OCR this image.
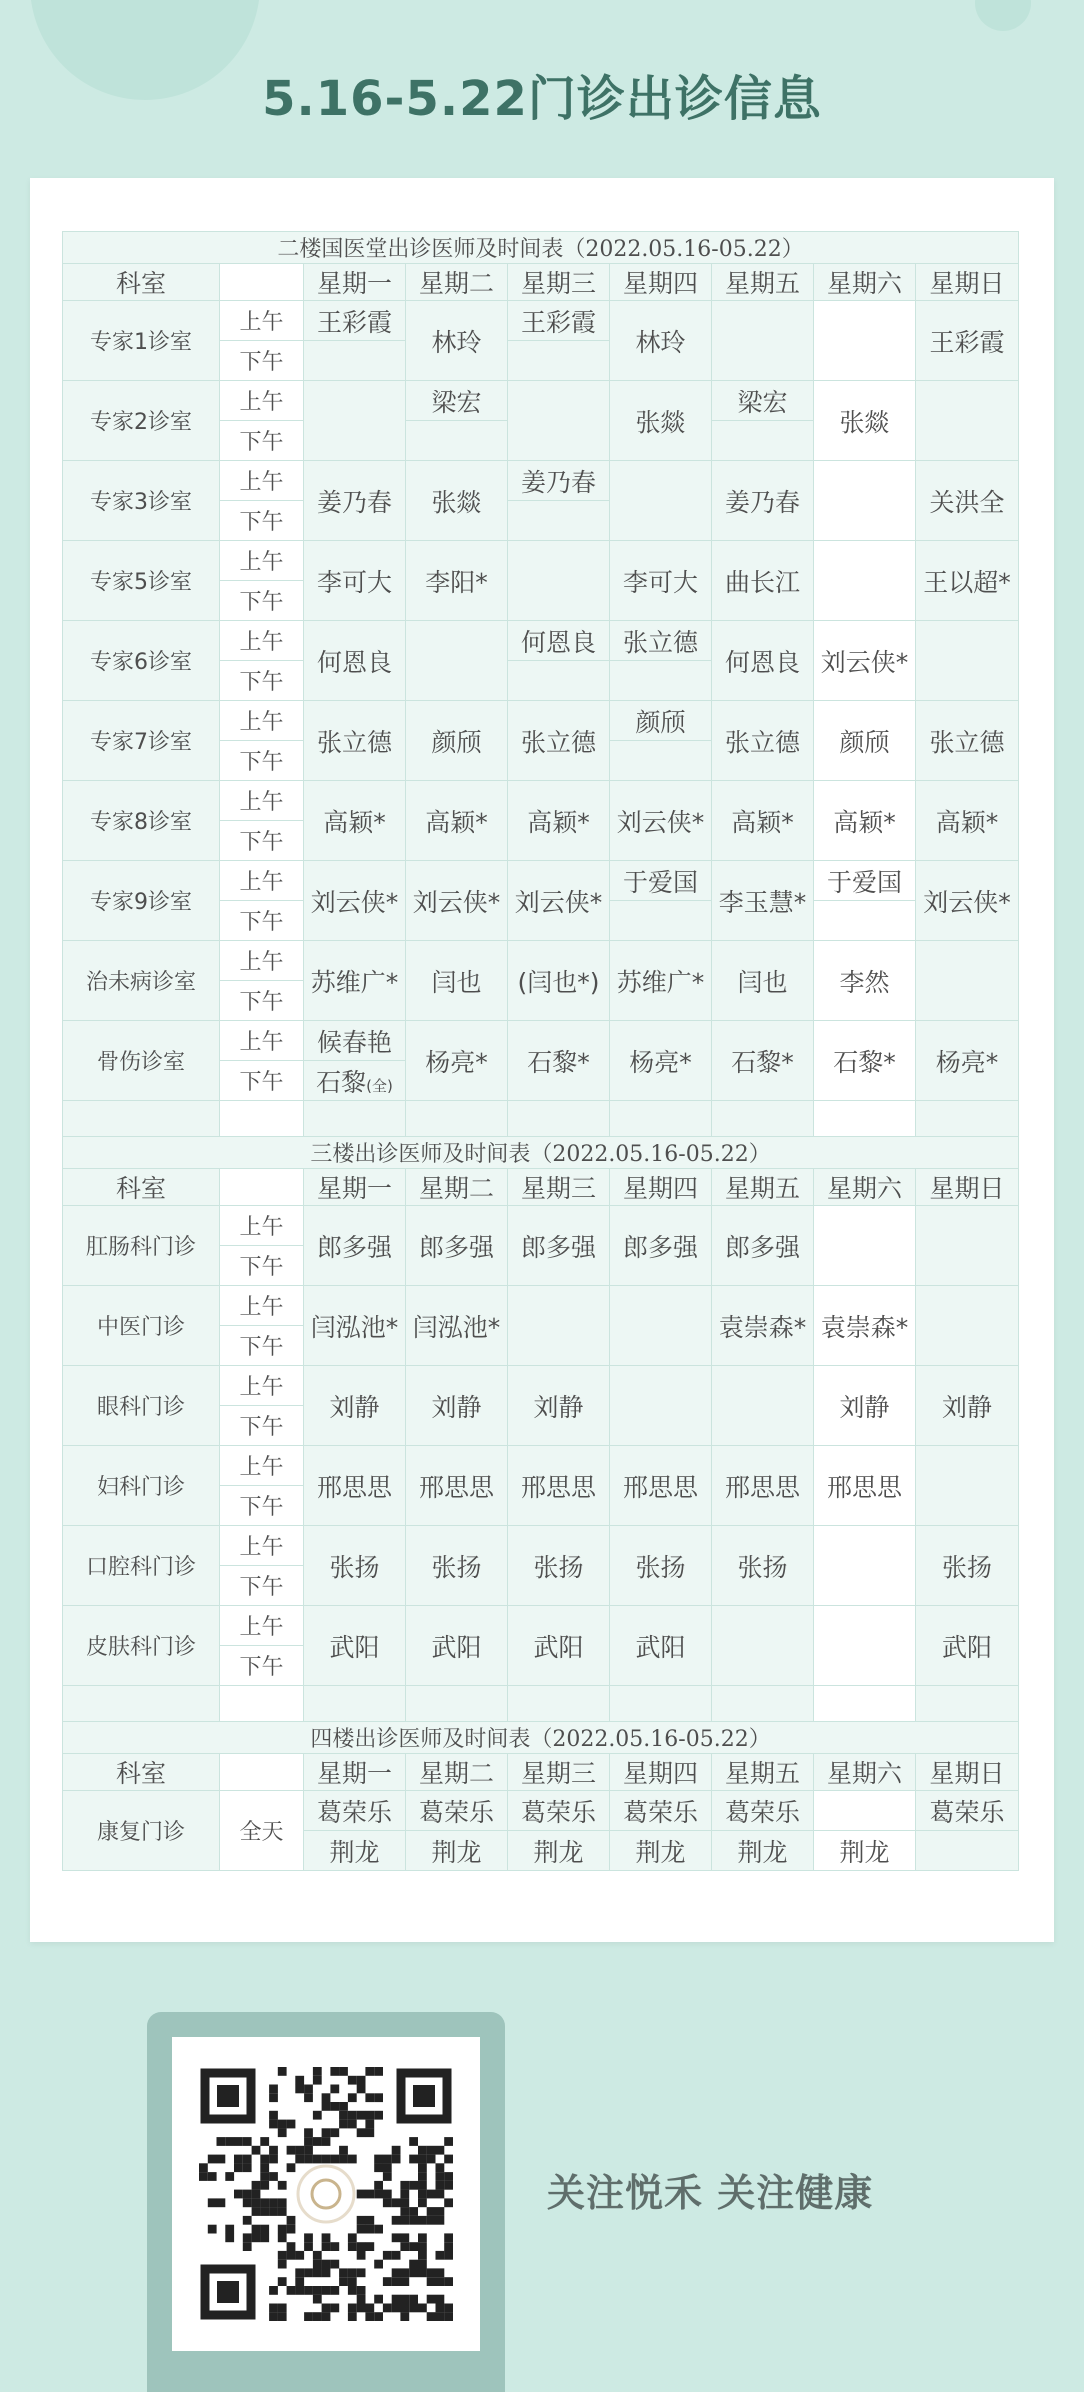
5.16-5.22门诊出诊信息
二楼国医堂出诊医师及时间表（2022.05.16-05.22）								
科室		星期一	星期二	星期三	星期四	星期五	星期六	星期日
专家1诊室	上午	王彩霞	林玲	王彩霞	林玲			王彩霞
	下午							
专家2诊室	上午		梁宏		张燚	梁宏	张燚	
	下午							
专家3诊室	上午	姜乃春	张燚	姜乃春		姜乃春		关洪全
	下午							
专家5诊室	上午	李可大	李阳*		李可大	曲长江		王以超*
	下午							
专家6诊室	上午	何恩良		何恩良	张立德	何恩良	刘云侠*	
	下午							
专家7诊室	上午	张立德	颜颀	张立德	颜颀	张立德	颜颀	张立德
	下午							
专家8诊室	上午	高颖*	高颖*	高颖*	刘云侠*	高颖*	高颖*	高颖*
	下午							
专家9诊室	上午	刘云侠*	刘云侠*	刘云侠*	于爱国	李玉慧*	于爱国	刘云侠*
	下午							
治未病诊室	上午	苏维广*	闫也	(闫也*)	苏维广*	闫也	李然	
	下午							
骨伤诊室	上午	候春艳	杨亮*	石黎*	杨亮*	石黎*	石黎*	杨亮*
	下午	石黎(全)						

三楼出诊医师及时间表（2022.05.16-05.22）								
科室		星期一	星期二	星期三	星期四	星期五	星期六	星期日
肛肠科门诊	上午	郎多强	郎多强	郎多强	郎多强	郎多强		
	下午							
中医门诊	上午	闫泓池*	闫泓池*			袁崇森*	袁崇森*	
	下午							
眼科门诊	上午	刘静	刘静	刘静			刘静	刘静
	下午							
妇科门诊	上午	邢思思	邢思思	邢思思	邢思思	邢思思	邢思思	
	下午							
口腔科门诊	上午	张扬	张扬	张扬	张扬	张扬		张扬
	下午							
皮肤科门诊	上午	武阳	武阳	武阳	武阳			武阳
	下午							

四楼出诊医师及时间表（2022.05.16-05.22）								
科室		星期一	星期二	星期三	星期四	星期五	星期六	星期日
康复门诊	全天	葛荣乐	葛荣乐	葛荣乐	葛荣乐	葛荣乐		葛荣乐
		荆龙	荆龙	荆龙	荆龙	荆龙	荆龙	
关注悦禾 关注健康
